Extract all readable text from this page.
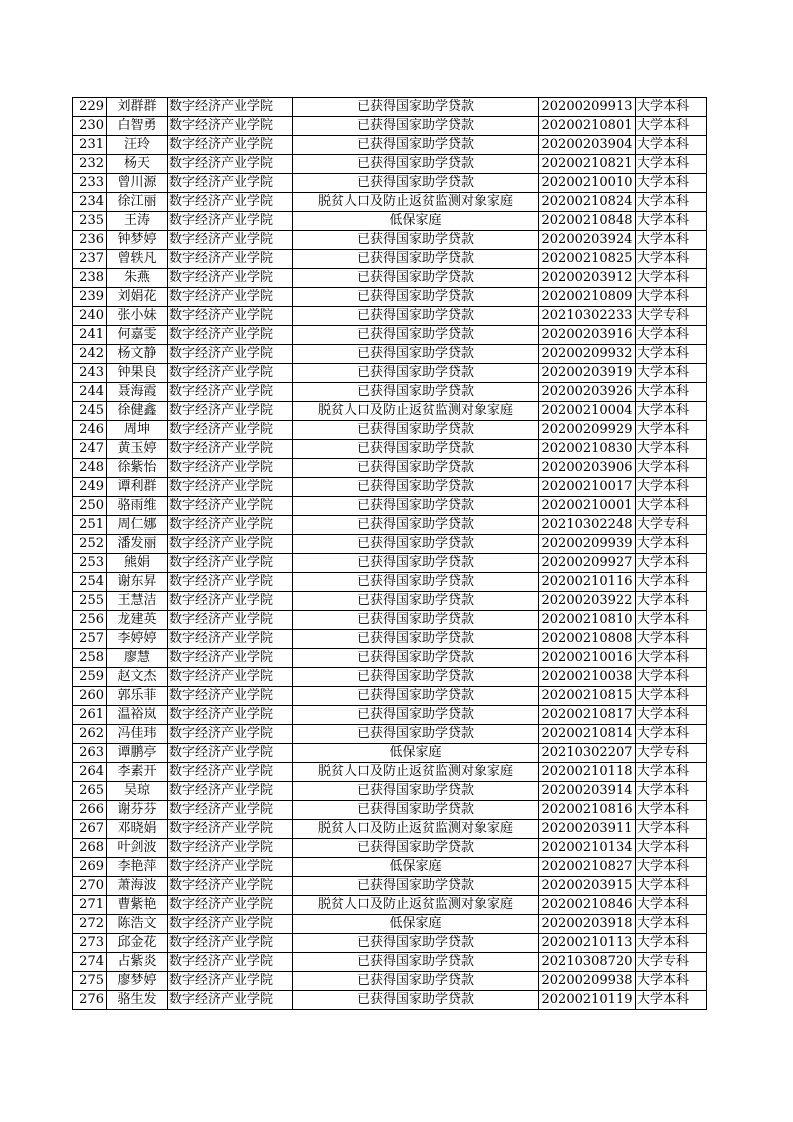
229	刘群群	数字经济产业学院	已获得国家助学贷款	20200209913	大学本科
230	白智勇	数字经济产业学院	已获得国家助学贷款	20200210801	大学本科
231	汪玲	数字经济产业学院	已获得国家助学贷款	20200203904	大学本科
232	杨天	数字经济产业学院	已获得国家助学贷款	20200210821	大学本科
233	曾川源	数字经济产业学院	已获得国家助学贷款	20200210010	大学本科
234	徐江丽	数字经济产业学院	脱贫人口及防止返贫监测对象家庭	20200210824	大学本科
235	王涛	数字经济产业学院	低保家庭	20200210848	大学本科
236	钟梦婷	数字经济产业学院	已获得国家助学贷款	20200203924	大学本科
237	曾轶凡	数字经济产业学院	已获得国家助学贷款	20200210825	大学本科
238	朱燕	数字经济产业学院	已获得国家助学贷款	20200203912	大学本科
239	刘娟花	数字经济产业学院	已获得国家助学贷款	20200210809	大学本科
240	张小妹	数字经济产业学院	已获得国家助学贷款	20210302233	大学专科
241	何嘉雯	数字经济产业学院	已获得国家助学贷款	20200203916	大学本科
242	杨文静	数字经济产业学院	已获得国家助学贷款	20200209932	大学本科
243	钟果良	数字经济产业学院	已获得国家助学贷款	20200203919	大学本科
244	聂海霞	数字经济产业学院	已获得国家助学贷款	20200203926	大学本科
245	徐健鑫	数字经济产业学院	脱贫人口及防止返贫监测对象家庭	20200210004	大学本科
246	周坤	数字经济产业学院	已获得国家助学贷款	20200209929	大学本科
247	黄玉婷	数字经济产业学院	已获得国家助学贷款	20200210830	大学本科
248	徐紫怡	数字经济产业学院	已获得国家助学贷款	20200203906	大学本科
249	谭利群	数字经济产业学院	已获得国家助学贷款	20200210017	大学本科
250	骆雨维	数字经济产业学院	已获得国家助学贷款	20200210001	大学本科
251	周仁娜	数字经济产业学院	已获得国家助学贷款	20210302248	大学专科
252	潘发丽	数字经济产业学院	已获得国家助学贷款	20200209939	大学本科
253	熊娟	数字经济产业学院	已获得国家助学贷款	20200209927	大学本科
254	谢东昇	数字经济产业学院	已获得国家助学贷款	20200210116	大学本科
255	王慧洁	数字经济产业学院	已获得国家助学贷款	20200203922	大学本科
256	龙建英	数字经济产业学院	已获得国家助学贷款	20200210810	大学本科
257	李婷婷	数字经济产业学院	已获得国家助学贷款	20200210808	大学本科
258	廖慧	数字经济产业学院	已获得国家助学贷款	20200210016	大学本科
259	赵文杰	数字经济产业学院	已获得国家助学贷款	20200210038	大学本科
260	郭乐菲	数字经济产业学院	已获得国家助学贷款	20200210815	大学本科
261	温裕岚	数字经济产业学院	已获得国家助学贷款	20200210817	大学本科
262	冯佳玮	数字经济产业学院	已获得国家助学贷款	20200210814	大学本科
263	谭鹏亭	数字经济产业学院	低保家庭	20210302207	大学专科
264	李素开	数字经济产业学院	脱贫人口及防止返贫监测对象家庭	20200210118	大学本科
265	吴琼	数字经济产业学院	已获得国家助学贷款	20200203914	大学本科
266	谢芬芬	数字经济产业学院	已获得国家助学贷款	20200210816	大学本科
267	邓晓娟	数字经济产业学院	脱贫人口及防止返贫监测对象家庭	20200203911	大学本科
268	叶剑波	数字经济产业学院	已获得国家助学贷款	20200210134	大学本科
269	李艳萍	数字经济产业学院	低保家庭	20200210827	大学本科
270	萧海波	数字经济产业学院	已获得国家助学贷款	20200203915	大学本科
271	曹紫艳	数字经济产业学院	脱贫人口及防止返贫监测对象家庭	20200210846	大学本科
272	陈浩文	数字经济产业学院	低保家庭	20200203918	大学本科
273	邱金花	数字经济产业学院	已获得国家助学贷款	20200210113	大学本科
274	占紫炎	数字经济产业学院	已获得国家助学贷款	20210308720	大学专科
275	廖梦婷	数字经济产业学院	已获得国家助学贷款	20200209938	大学本科
276	骆生发	数字经济产业学院	已获得国家助学贷款	20200210119	大学本科
